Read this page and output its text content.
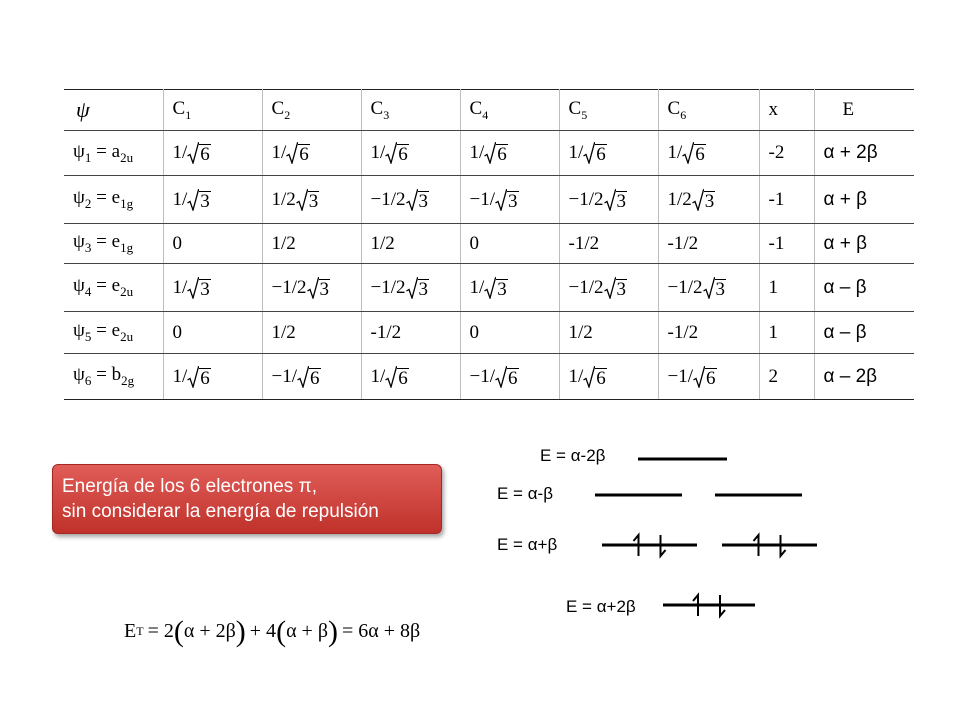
ψ	$C_1$	$C_2$	$C_3$	$C_4$	$C_5$	$C_6$	x	E
$\psi_1 = a_{2u}$	1/ 6	1/ 6	1/ 6	1/ 6	1/ 6	1/ 6	-2	α + 2β
$\psi_2 = e_{1g}$	1/ 3	1/2 3	−1/2 3	−1/ 3	−1/2 3	1/2 3	-1	α + β
$\psi_3 = e_{1g}$	0	1/2	1/2	0	-1/2	-1/2	-1	α + β
$\psi_4 = e_{2u}$	1/ 3	−1/2 3	−1/2 3	1/ 3	−1/2 3	−1/2 3	1	α – β
$\psi_5 = e_{2u}$	0	1/2	-1/2	0	1/2	-1/2	1	α – β
$\psi_6 = b_{2g}$	1/ 6	−1/ 6	1/ 6	−1/ 6	1/ 6	−1/ 6	2	α – 2β
Energía de los 6 electrones π,
sin considerar la energía de repulsión
E = α-2β
E = α-β
E = α+β
E = α+2β
E T = 2 ( α + 2β ) + 4 ( α + β ) = 6α + 8β
